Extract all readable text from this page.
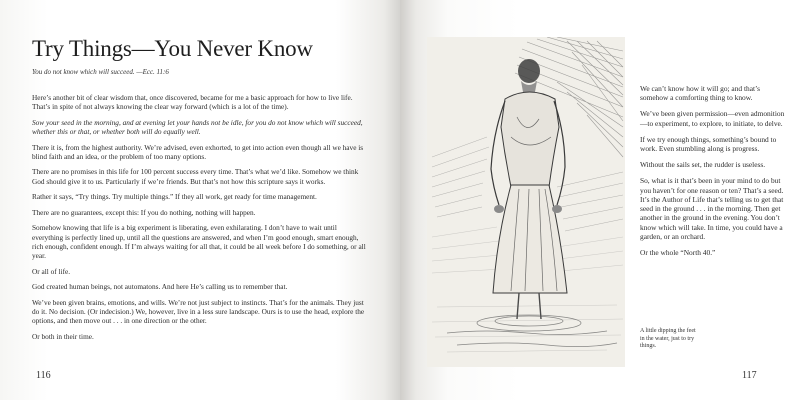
Try Things—You Never Know
You do not know which will succeed. —Ecc. 11:6

Here’s another bit of clear wisdom that, once discovered, became for me a basic approach for how to live life. That’s in spite of not always knowing the clear way forward (which is a lot of the time).

Sow your seed in the morning, and at evening let your hands not be idle, for you do not know which will succeed, whether this or that, or whether both will do equally well.

There it is, from the highest authority. We’re advised, even exhorted, to get into action even though all we have is blind faith and an idea, or the problem of too many options.

There are no promises in this life for 100 percent success every time. That’s what we’d like. Somehow we think God should give it to us. Particularly if we’re friends. But that’s not how this scripture says it works.

Rather it says, “Try things. Try multiple things.” If they all work, get ready for time management.

There are no guarantees, except this: If you do nothing, nothing will happen.

Somehow knowing that life is a big experiment is liberating, even exhilarating. I don’t have to wait until everything is perfectly lined up, until all the questions are answered, and when I’m good enough, smart enough, rich enough, confident enough. If I’m always waiting for all that, it could be all week before I do something, or all year.

Or all of life.

God created human beings, not automatons. And here He’s calling us to remember that.

We’ve been given brains, emotions, and wills. We’re not just subject to instincts. That’s for the animals. They just do it. No decision. (Or indecision.) We, however, live in a less sure landscape. Ours is to use the head, explore the options, and then move out . . . in one direction or the other.

Or both in their time.

116

We can’t know how it will go; and that’s somehow a comforting thing to know.

We’ve been given permission—even admonition—to experiment, to explore, to initiate, to delve.

If we try enough things, something’s bound to work. Even stumbling along is progress.

Without the sails set, the rudder is useless.

So, what is it that’s been in your mind to do but you haven’t for one reason or ten? That’s a seed. It’s the Author of Life that’s telling us to get that seed in the ground . . . in the morning. Then get another in the ground in the evening. You don’t know which will take. In time, you could have a garden, or an orchard.

Or the whole “North 40.”

A little dipping the feet in the water, just to try things.
117
